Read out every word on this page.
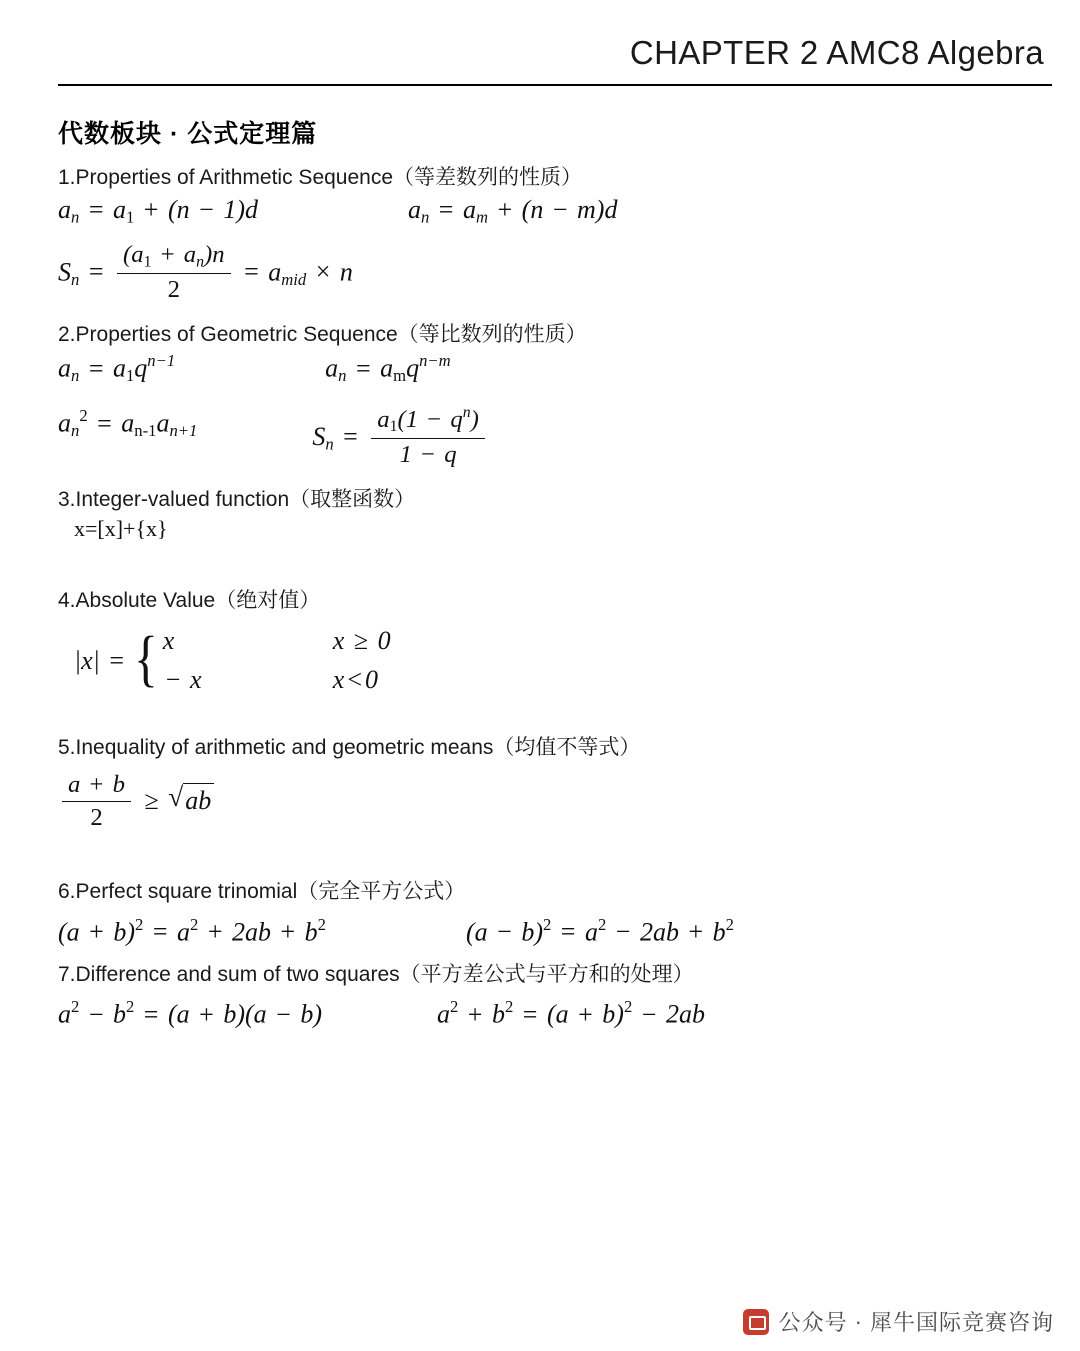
CHAPTER 2 AMC8 Algebra
代数板块 · 公式定理篇
1.Properties of Arithmetic Sequence（等差数列的性质）
$a_n = a_1 + (n - 1)d$	$a_n = a_m + (n - m)d$
$S_n = \frac{(a_1 + a_n)n}{2} = a_{mid} \times n$
2.Properties of Geometric Sequence（等比数列的性质）
$a_n = a_1q^{n-1}$	$a_n = a_mq^{n-m}$
$a_n^2 = a_{n-1}a_{n+1}$	$S_n = \frac{a_1(1 - q^n)}{1 - q}$
3.Integer-valued function（取整函数）
x=[x]+{x}
4.Absolute Value（绝对值）
|x| = { x	x ≥ 0
− x	x < 0
5.Inequality of arithmetic and geometric means（均值不等式）
$\frac{a + b}{2}$ ≥ √ ab
6.Perfect square trinomial（完全平方公式）
$(a + b)^2 = a^2 + 2ab + b^2$	$(a - b)^2 = a^2 - 2ab + b^2$
7.Difference and sum of two squares（平方差公式与平方和的处理）
$a^2 - b^2 = (a + b)(a - b)$	$a^2 + b^2 = (a + b)^2 - 2ab$
公众号 · 犀牛国际竞赛咨询
